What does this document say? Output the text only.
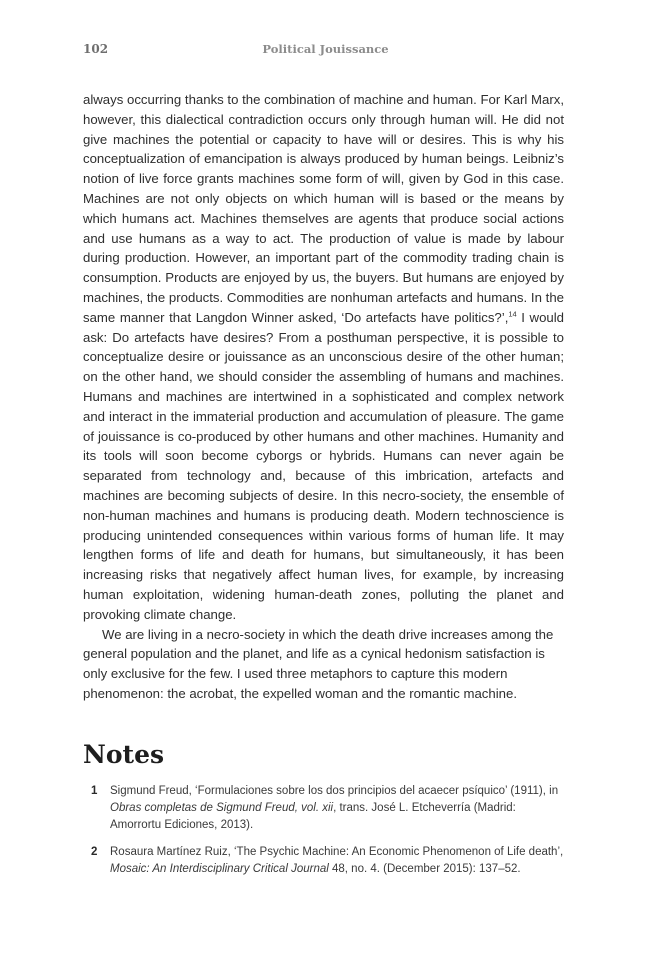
102	Political Jouissance

always occurring thanks to the combination of machine and human. For Karl Marx, however, this dialectical contradiction occurs only through human will. He did not give machines the potential or capacity to have will or desires. This is why his conceptualization of emancipation is always produced by human beings. Leibniz’s notion of live force grants machines some form of will, given by God in this case. Machines are not only objects on which human will is based or the means by which humans act. Machines themselves are agents that produce social actions and use humans as a way to act. The production of value is made by labour during production. However, an important part of the commodity trading chain is consumption. Products are enjoyed by us, the buyers. But humans are enjoyed by machines, the products. Commodities are nonhuman artefacts and humans. In the same manner that Langdon Winner asked, ‘Do artefacts have politics?’,$^{14}$ I would ask: Do artefacts have desires? From a posthuman perspective, it is possible to conceptualize desire or jouissance as an unconscious desire of the other human; on the other hand, we should consider the assembling of humans and machines. Humans and machines are intertwined in a sophisticated and complex network and interact in the immaterial production and accumulation of pleasure. The game of jouissance is co-produced by other humans and other machines. Humanity and its tools will soon become cyborgs or hybrids. Humans can never again be separated from technology and, because of this imbrication, artefacts and machines are becoming subjects of desire. In this necro-society, the ensemble of non-human machines and humans is producing death. Modern technoscience is producing unintended consequences within various forms of human life. It may lengthen forms of life and death for humans, but simultaneously, it has been increasing risks that negatively affect human lives, for example, by increasing human exploitation, widening human-death zones, polluting the planet and provoking climate change.

We are living in a necro-society in which the death drive increases among the general population and the planet, and life as a cynical hedonism satisfaction is only exclusive for the few. I used three metaphors to capture this modern phenomenon: the acrobat, the expelled woman and the romantic machine.

Notes
1 Sigmund Freud, ‘Formulaciones sobre los dos principios del acaecer psíquico’ (1911), in Obras completas de Sigmund Freud, vol. xii, trans. José L. Etcheverría (Madrid: Amorrortu Ediciones, 2013).
2 Rosaura Martínez Ruiz, ‘The Psychic Machine: An Economic Phenomenon of Life death’, Mosaic: An Interdisciplinary Critical Journal 48, no. 4. (December 2015): 137–52.
